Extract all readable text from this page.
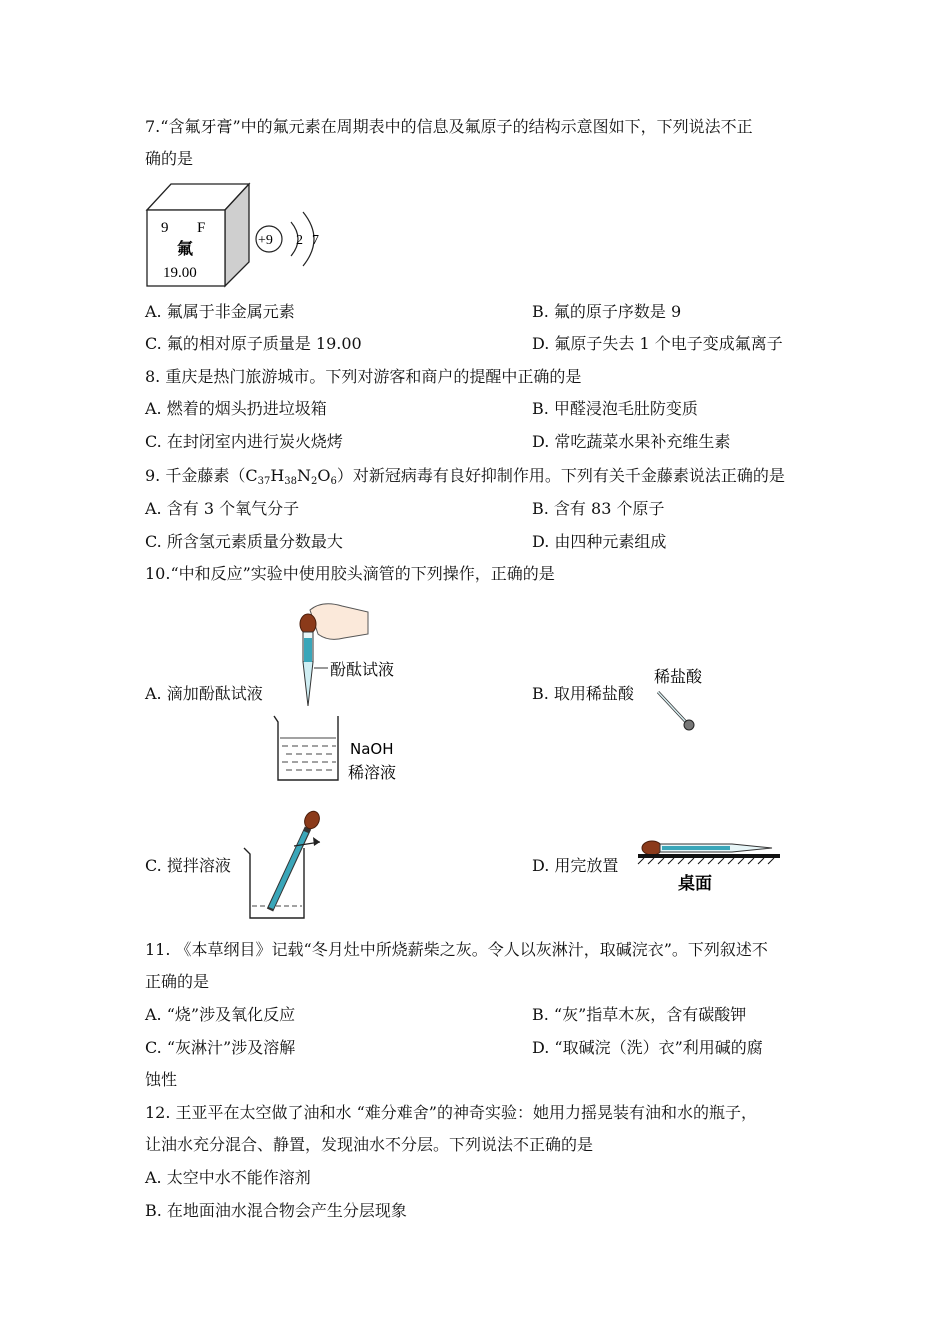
7.“含氟牙膏”中的氟元素在周期表中的信息及氟原子的结构示意图如下，下列说法不正
确的是
9 F
氟
19.00
+9 2 7
A. 氟属于非金属元素	B. 氟的原子序数是 9
C. 氟的相对原子质量是 19.00	D. 氟原子失去 1 个电子变成氟离子
8. 重庆是热门旅游城市。下列对游客和商户的提醒中正确的是
A. 燃着的烟头扔进垃圾箱	B. 甲醛浸泡毛肚防变质
C. 在封闭室内进行炭火烧烤	D. 常吃蔬菜水果补充维生素
9. 千金藤素$(C_{37}H_{38}N_2O_6)$对新冠病毒有良好抑制作用。下列有关千金藤素说法正确的是
A. 含有 3 个氧气分子	B. 含有 83 个原子
C. 所含氢元素质量分数最大	D. 由四种元素组成
10.“中和反应”实验中使用胶头滴管的下列操作，正确的是
A. 滴加酚酞试液	B. 取用稀盐酸
酚酞试液
NaOH
稀溶液
稀盐酸
C. 搅拌溶液	D. 用完放置
桌面
11. 《本草纲目》记载“冬月灶中所烧薪柴之灰。令人以灰淋汁，取碱浣衣”。下列叙述不
正确的是
A. “烧”涉及氧化反应	B. “灰”指草木灰，含有碳酸钾
C. “灰淋汁”涉及溶解	D. “取碱浣（洗）衣”利用碱的腐
蚀性
12. 王亚平在太空做了油和水 “难分难舍”的神奇实验：她用力摇晃装有油和水的瓶子，
让油水充分混合、静置，发现油水不分层。下列说法不正确的是
A. 太空中水不能作溶剂
B. 在地面油水混合物会产生分层现象
